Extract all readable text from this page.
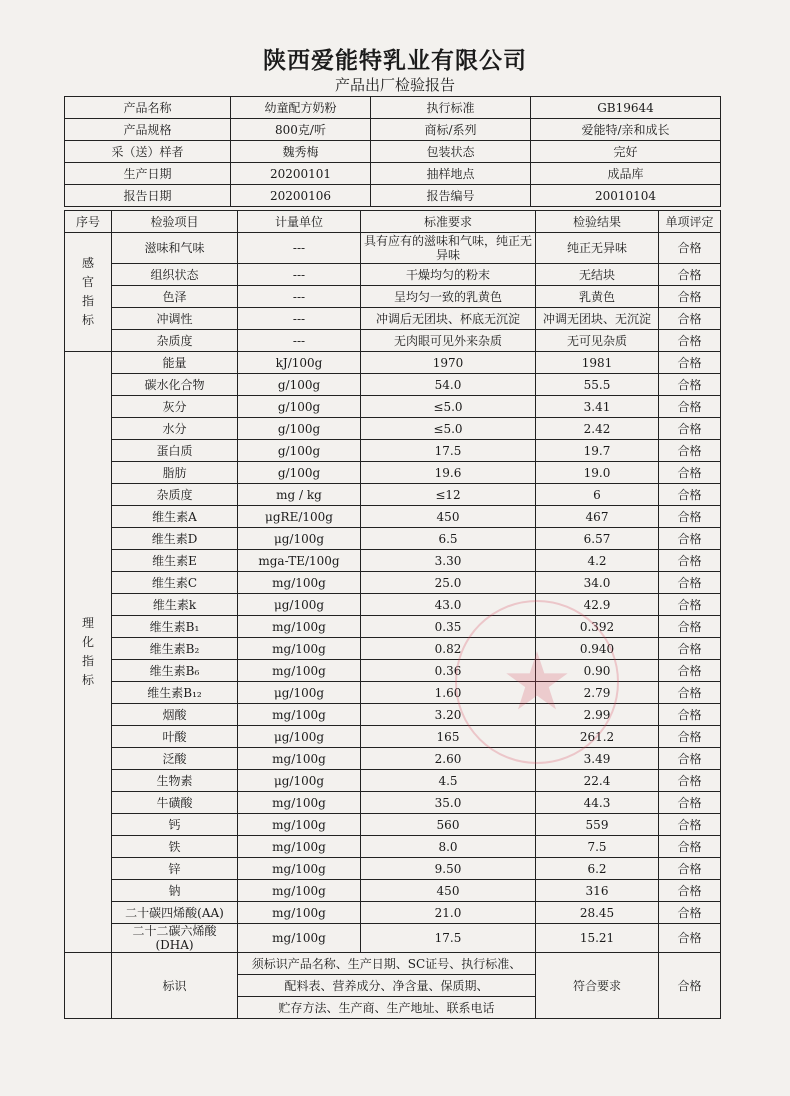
陕西爱能特乳业有限公司
产品出厂检验报告
产品名称	幼童配方奶粉	执行标准	GB19644
产品规格	800克/听	商标/系列	爱能特/亲和成长
采（送）样者	魏秀梅	包装状态	完好
生产日期	20200101	抽样地点	成品库
报告日期	20200106	报告编号	20010104
序号	检验项目	计量单位	标准要求	检验结果	单项评定
感
官
指
标	滋味和气味	---	具有应有的滋味和气味，纯正无异味	纯正无异味	合格
	组织状态	---	干燥均匀的粉末	无结块	合格
	色泽	---	呈均匀一致的乳黄色	乳黄色	合格
	冲调性	---	冲调后无团块、杯底无沉淀	冲调无团块、无沉淀	合格
	杂质度	---	无肉眼可见外来杂质	无可见杂质	合格
理
化
指
标	能量	kJ/100g	1970	1981	合格
	碳水化合物	g/100g	54.0	55.5	合格
	灰分	g/100g	≤5.0	3.41	合格
	水分	g/100g	≤5.0	2.42	合格
	蛋白质	g/100g	17.5	19.7	合格
	脂肪	g/100g	19.6	19.0	合格
	杂质度	mg / kg	≤12	6	合格
	维生素A	μgRE/100g	450	467	合格
	维生素D	μg/100g	6.5	6.57	合格
	维生素E	mga-TE/100g	3.30	4.2	合格
	维生素C	mg/100g	25.0	34.0	合格
	维生素k	μg/100g	43.0	42.9	合格
	维生素B₁	mg/100g	0.35	0.392	合格
	维生素B₂	mg/100g	0.82	0.940	合格
	维生素B₆	mg/100g	0.36	0.90	合格
	维生素B₁₂	μg/100g	1.60	2.79	合格
	烟酸	mg/100g	3.20	2.99	合格
	叶酸	μg/100g	165	261.2	合格
	泛酸	mg/100g	2.60	3.49	合格
	生物素	μg/100g	4.5	22.4	合格
	牛磺酸	mg/100g	35.0	44.3	合格
	钙	mg/100g	560	559	合格
	铁	mg/100g	8.0	7.5	合格
	锌	mg/100g	9.50	6.2	合格
	钠	mg/100g	450	316	合格
	二十碳四烯酸(AA)	mg/100g	21.0	28.45	合格
	二十二碳六烯酸(DHA)	mg/100g	17.5	15.21	合格
	标识	须标识产品名称、生产日期、SC证号、执行标准、		符合要求	合格
		配料表、营养成分、净含量、保质期、			
		贮存方法、生产商、生产地址、联系电话			
★
